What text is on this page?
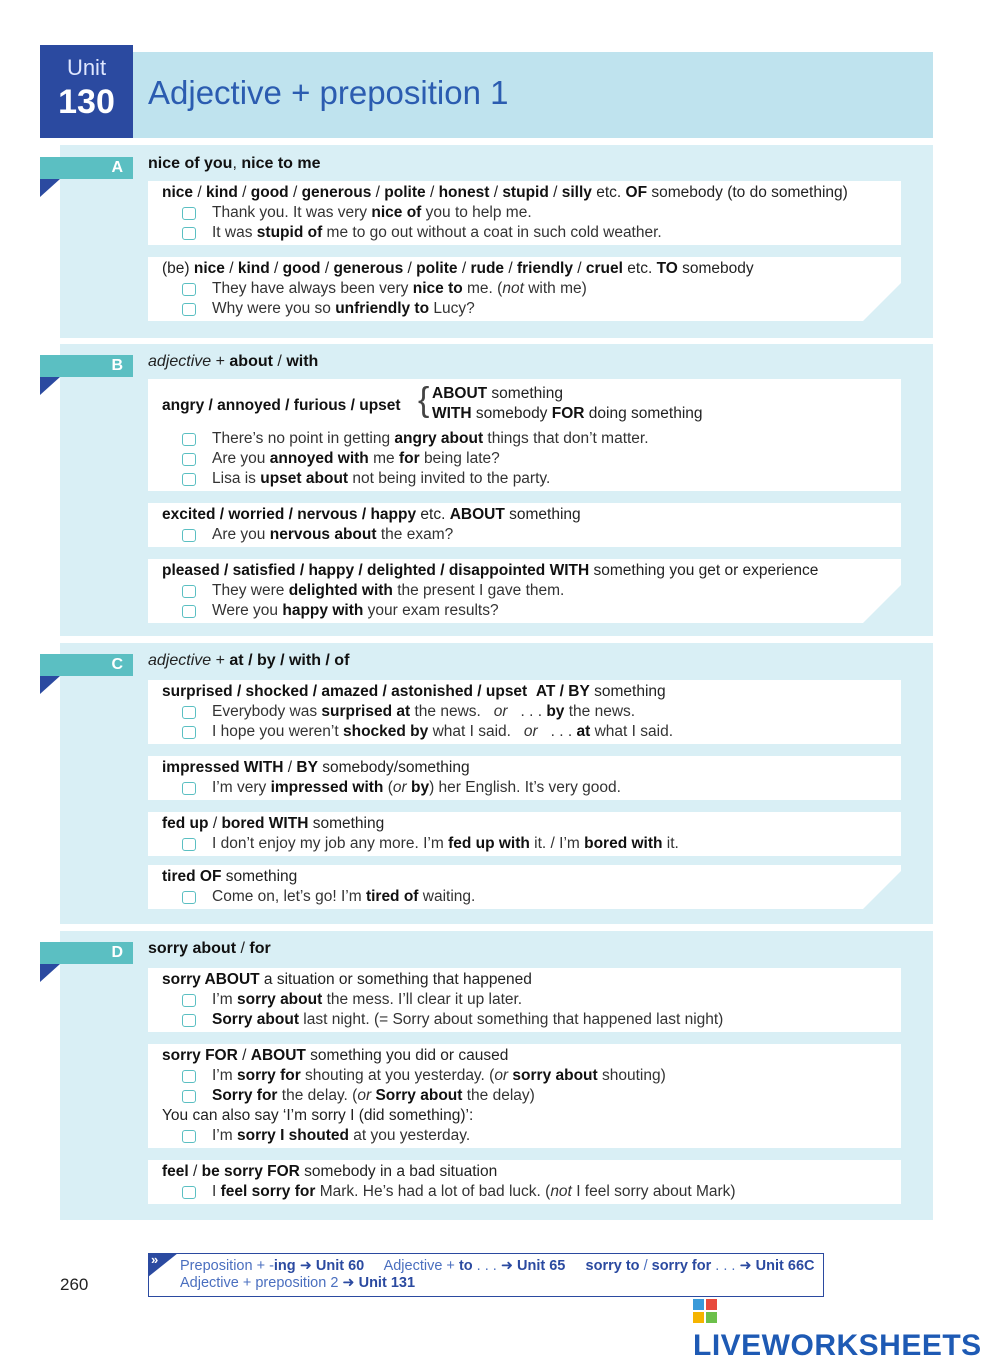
Unit
130	Adjective + preposition 1
A	nice of you, nice to me
nice / kind / good / generous / polite / honest / stupid / silly etc. OF somebody (to do something)
Thank you. It was very nice of you to help me.
It was stupid of me to go out without a coat in such cold weather.
(be) nice / kind / good / generous / polite / rude / friendly / cruel etc. TO somebody
They have always been very nice to me. (not with me)
Why were you so unfriendly to Lucy?
B	adjective + about / with
angry / annoyed / furious / upset { ABOUT something
WITH somebody FOR doing something
There’s no point in getting angry about things that don’t matter.
Are you annoyed with me for being late?
Lisa is upset about not being invited to the party.
excited / worried / nervous / happy etc. ABOUT something
Are you nervous about the exam?
pleased / satisfied / happy / delighted / disappointed WITH something you get or experience
They were delighted with the present I gave them.
Were you happy with your exam results?
C	adjective + at / by / with / of
surprised / shocked / amazed / astonished / upset AT / BY something
Everybody was surprised at the news. or . . . by the news.
I hope you weren’t shocked by what I said. or . . . at what I said.
impressed WITH / BY somebody/something
I’m very impressed with (or by) her English. It’s very good.
fed up / bored WITH something
I don’t enjoy my job any more. I’m fed up with it. / I’m bored with it.
tired OF something
Come on, let’s go! I’m tired of waiting.
D	sorry about / for
sorry ABOUT a situation or something that happened
I’m sorry about the mess. I’ll clear it up later.
Sorry about last night. (= Sorry about something that happened last night)
sorry FOR / ABOUT something you did or caused
I’m sorry for shouting at you yesterday. (or sorry about shouting)
Sorry for the delay. (or Sorry about the delay)
You can also say ‘I’m sorry I (did something)’:
I’m sorry I shouted at you yesterday.
feel / be sorry FOR somebody in a bad situation
I feel sorry for Mark. He’s had a lot of bad luck. (not I feel sorry about Mark)
» Preposition + -ing ➜ Unit 60 Adjective + to . . . ➜ Unit 65 sorry to / sorry for . . . ➜ Unit 66C
Adjective + preposition 2 ➜ Unit 131
260
LIVEWORKSHEETS
